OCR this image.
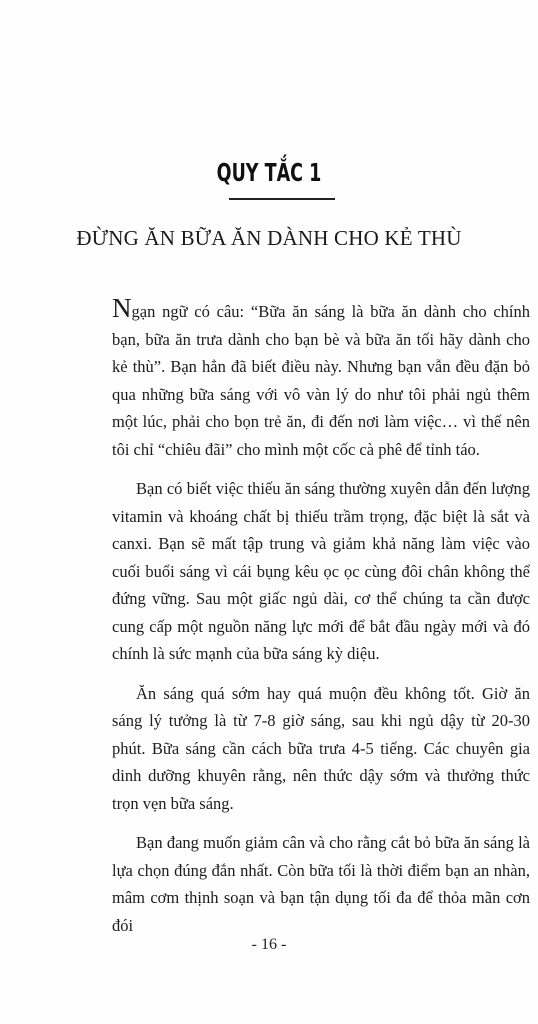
QUY TẮC 1
ĐỪNG ĂN BỮA ĂN DÀNH CHO KẺ THÙ

Ngạn ngữ có câu: “Bữa ăn sáng là bữa ăn dành cho chính bạn, bữa ăn trưa dành cho bạn bè và bữa ăn tối hãy dành cho kẻ thù”. Bạn hẳn đã biết điều này. Nhưng bạn vẫn đều đặn bỏ qua những bữa sáng với vô vàn lý do như tôi phải ngủ thêm một lúc, phải cho bọn trẻ ăn, đi đến nơi làm việc… vì thế nên tôi chỉ “chiêu đãi” cho mình một cốc cà phê để tỉnh táo.

Bạn có biết việc thiếu ăn sáng thường xuyên dẫn đến lượng vitamin và khoáng chất bị thiếu trầm trọng, đặc biệt là sắt và canxi. Bạn sẽ mất tập trung và giảm khả năng làm việc vào cuối buổi sáng vì cái bụng kêu ọc ọc cùng đôi chân không thể đứng vững. Sau một giấc ngủ dài, cơ thể chúng ta cần được cung cấp một nguồn năng lực mới để bắt đầu ngày mới và đó chính là sức mạnh của bữa sáng kỳ diệu.

Ăn sáng quá sớm hay quá muộn đều không tốt. Giờ ăn sáng lý tưởng là từ 7-8 giờ sáng, sau khi ngủ dậy từ 20-30 phút. Bữa sáng cần cách bữa trưa 4-5 tiếng. Các chuyên gia dinh dưỡng khuyên rằng, nên thức dậy sớm và thưởng thức trọn vẹn bữa sáng.

Bạn đang muốn giảm cân và cho rằng cắt bỏ bữa ăn sáng là lựa chọn đúng đắn nhất. Còn bữa tối là thời điểm bạn an nhàn, mâm cơm thịnh soạn và bạn tận dụng tối đa để thỏa mãn cơn đói

- 16 -
